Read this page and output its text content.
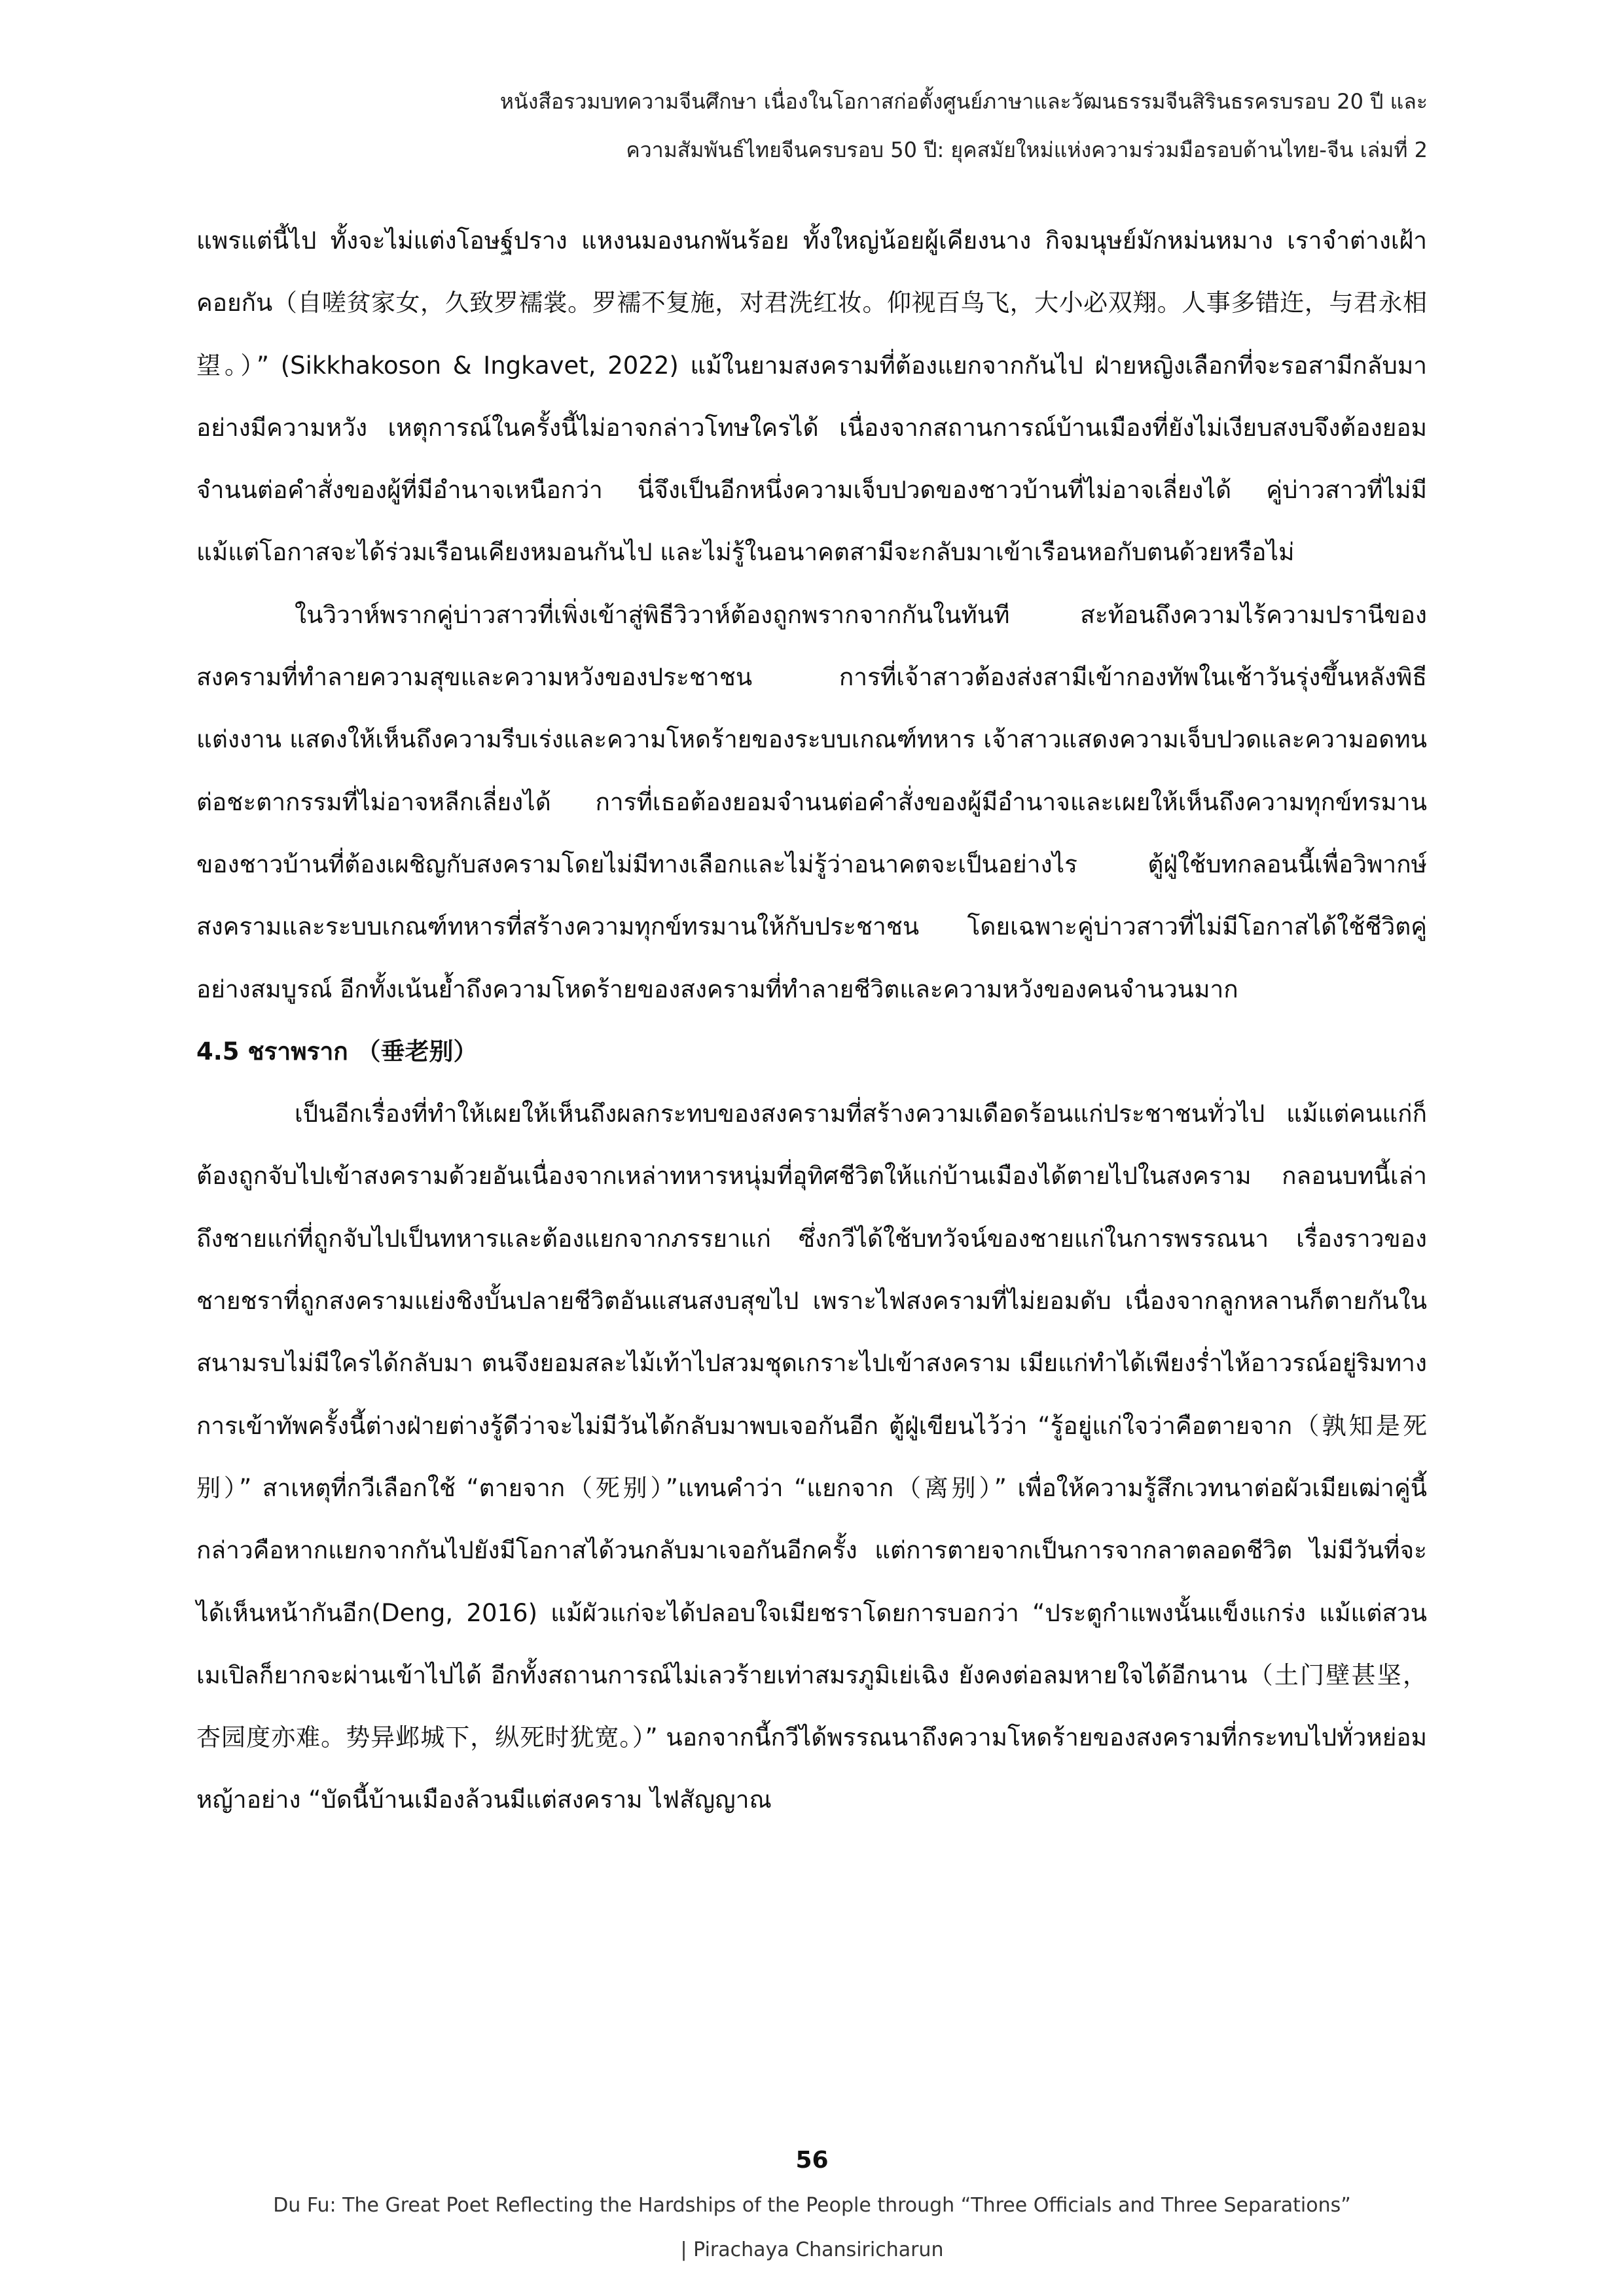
หนังสือรวมบทความจีนศึกษา เนื่องในโอกาสก่อตั้งศูนย์ภาษาและวัฒนธรรมจีนสิรินธรครบรอบ 20 ปี และ
ความสัมพันธ์ไทยจีนครบรอบ 50 ปี: ยุคสมัยใหม่แห่งความร่วมมือรอบด้านไทย-จีน เล่มที่ 2

แพรแต่นี้ไป ทั้งจะไม่แต่งโอษฐ์ปราง แหงนมองนกพันร้อย ทั้งใหญ่น้อยผู้เคียงนาง กิจมนุษย์มักหม่นหมาง เราจำต่างเฝ้าคอยกัน（自嗟贫家女，久致罗襦裳。罗襦不复施，对君洗红妆。仰视百鸟飞，大小必双翔。人事多错迕，与君永相望。）” (Sikkhakoson & Ingkavet, 2022) แม้ในยามสงครามที่ต้องแยกจากกันไป ฝ่ายหญิงเลือกที่จะรอสามีกลับมาอย่างมีความหวัง เหตุการณ์ในครั้งนี้ไม่อาจกล่าวโทษใครได้ เนื่องจากสถานการณ์บ้านเมืองที่ยังไม่เงียบสงบจึงต้องยอมจำนนต่อคำสั่งของผู้ที่มีอำนาจเหนือกว่า นี่จึงเป็นอีกหนึ่งความเจ็บปวดของชาวบ้านที่ไม่อาจเลี่ยงได้ คู่บ่าวสาวที่ไม่มีแม้แต่โอกาสจะได้ร่วมเรือนเคียงหมอนกันไป และไม่รู้ในอนาคตสามีจะกลับมาเข้าเรือนหอกับตนด้วยหรือไม่

ในวิวาห์พรากคู่บ่าวสาวที่เพิ่งเข้าสู่พิธีวิวาห์ต้องถูกพรากจากกันในทันที สะท้อนถึงความไร้ความปรานีของสงครามที่ทำลายความสุขและความหวังของประชาชน การที่เจ้าสาวต้องส่งสามีเข้ากองทัพในเช้าวันรุ่งขึ้นหลังพิธีแต่งงาน แสดงให้เห็นถึงความรีบเร่งและความโหดร้ายของระบบเกณฑ์ทหาร เจ้าสาวแสดงความเจ็บปวดและความอดทนต่อชะตากรรมที่ไม่อาจหลีกเลี่ยงได้ การที่เธอต้องยอมจำนนต่อคำสั่งของผู้มีอำนาจและเผยให้เห็นถึงความทุกข์ทรมานของชาวบ้านที่ต้องเผชิญกับสงครามโดยไม่มีทางเลือกและไม่รู้ว่าอนาคตจะเป็นอย่างไร ตู้ฝู่ใช้บทกลอนนี้เพื่อวิพากษ์สงครามและระบบเกณฑ์ทหารที่สร้างความทุกข์ทรมานให้กับประชาชน โดยเฉพาะคู่บ่าวสาวที่ไม่มีโอกาสได้ใช้ชีวิตคู่อย่างสมบูรณ์ อีกทั้งเน้นย้ำถึงความโหดร้ายของสงครามที่ทำลายชีวิตและความหวังของคนจำนวนมาก

4.5 ชราพราก （垂老别）

เป็นอีกเรื่องที่ทำให้เผยให้เห็นถึงผลกระทบของสงครามที่สร้างความเดือดร้อนแก่ประชาชนทั่วไป แม้แต่คนแก่ก็ต้องถูกจับไปเข้าสงครามด้วยอันเนื่องจากเหล่าทหารหนุ่มที่อุทิศชีวิตให้แก่บ้านเมืองได้ตายไปในสงคราม กลอนบทนี้เล่าถึงชายแก่ที่ถูกจับไปเป็นทหารและต้องแยกจากภรรยาแก่ ซึ่งกวีได้ใช้บทวัจน์ของชายแก่ในการพรรณนา เรื่องราวของชายชราที่ถูกสงครามแย่งชิงบั้นปลายชีวิตอันแสนสงบสุขไป เพราะไฟสงครามที่ไม่ยอมดับ เนื่องจากลูกหลานก็ตายกันในสนามรบไม่มีใครได้กลับมา ตนจึงยอมสละไม้เท้าไปสวมชุดเกราะไปเข้าสงคราม เมียแก่ทำได้เพียงร่ำไห้อาวรณ์อยู่ริมทาง การเข้าทัพครั้งนี้ต่างฝ่ายต่างรู้ดีว่าจะไม่มีวันได้กลับมาพบเจอกันอีก ตู้ฝู่เขียนไว้ว่า “รู้อยู่แก่ใจว่าคือตายจาก（孰知是死别）” สาเหตุที่กวีเลือกใช้ “ตายจาก（死别）”แทนคำว่า “แยกจาก（离别）” เพื่อให้ความรู้สึกเวทนาต่อผัวเมียเฒ่าคู่นี้ กล่าวคือหากแยกจากกันไปยังมีโอกาสได้วนกลับมาเจอกันอีกครั้ง แต่การตายจากเป็นการจากลาตลอดชีวิต ไม่มีวันที่จะได้เห็นหน้ากันอีก(Deng, 2016) แม้ผัวแก่จะได้ปลอบใจเมียชราโดยการบอกว่า “ประตูกำแพงนั้นแข็งแกร่ง แม้แต่สวนเมเปิลก็ยากจะผ่านเข้าไปได้ อีกทั้งสถานการณ์ไม่เลวร้ายเท่าสมรภูมิเย่เฉิง ยังคงต่อลมหายใจได้อีกนาน（土门壁甚坚，杏园度亦难。势异邺城下，纵死时犹宽。）” นอกจากนี้กวีได้พรรณนาถึงความโหดร้ายของสงครามที่กระทบไปทั่วหย่อมหญ้าอย่าง “บัดนี้บ้านเมืองล้วนมีแต่สงคราม ไฟสัญญาณ

56
Du Fu: The Great Poet Reflecting the Hardships of the People through “Three Officials and Three Separations”
| Pirachaya Chansiricharun
